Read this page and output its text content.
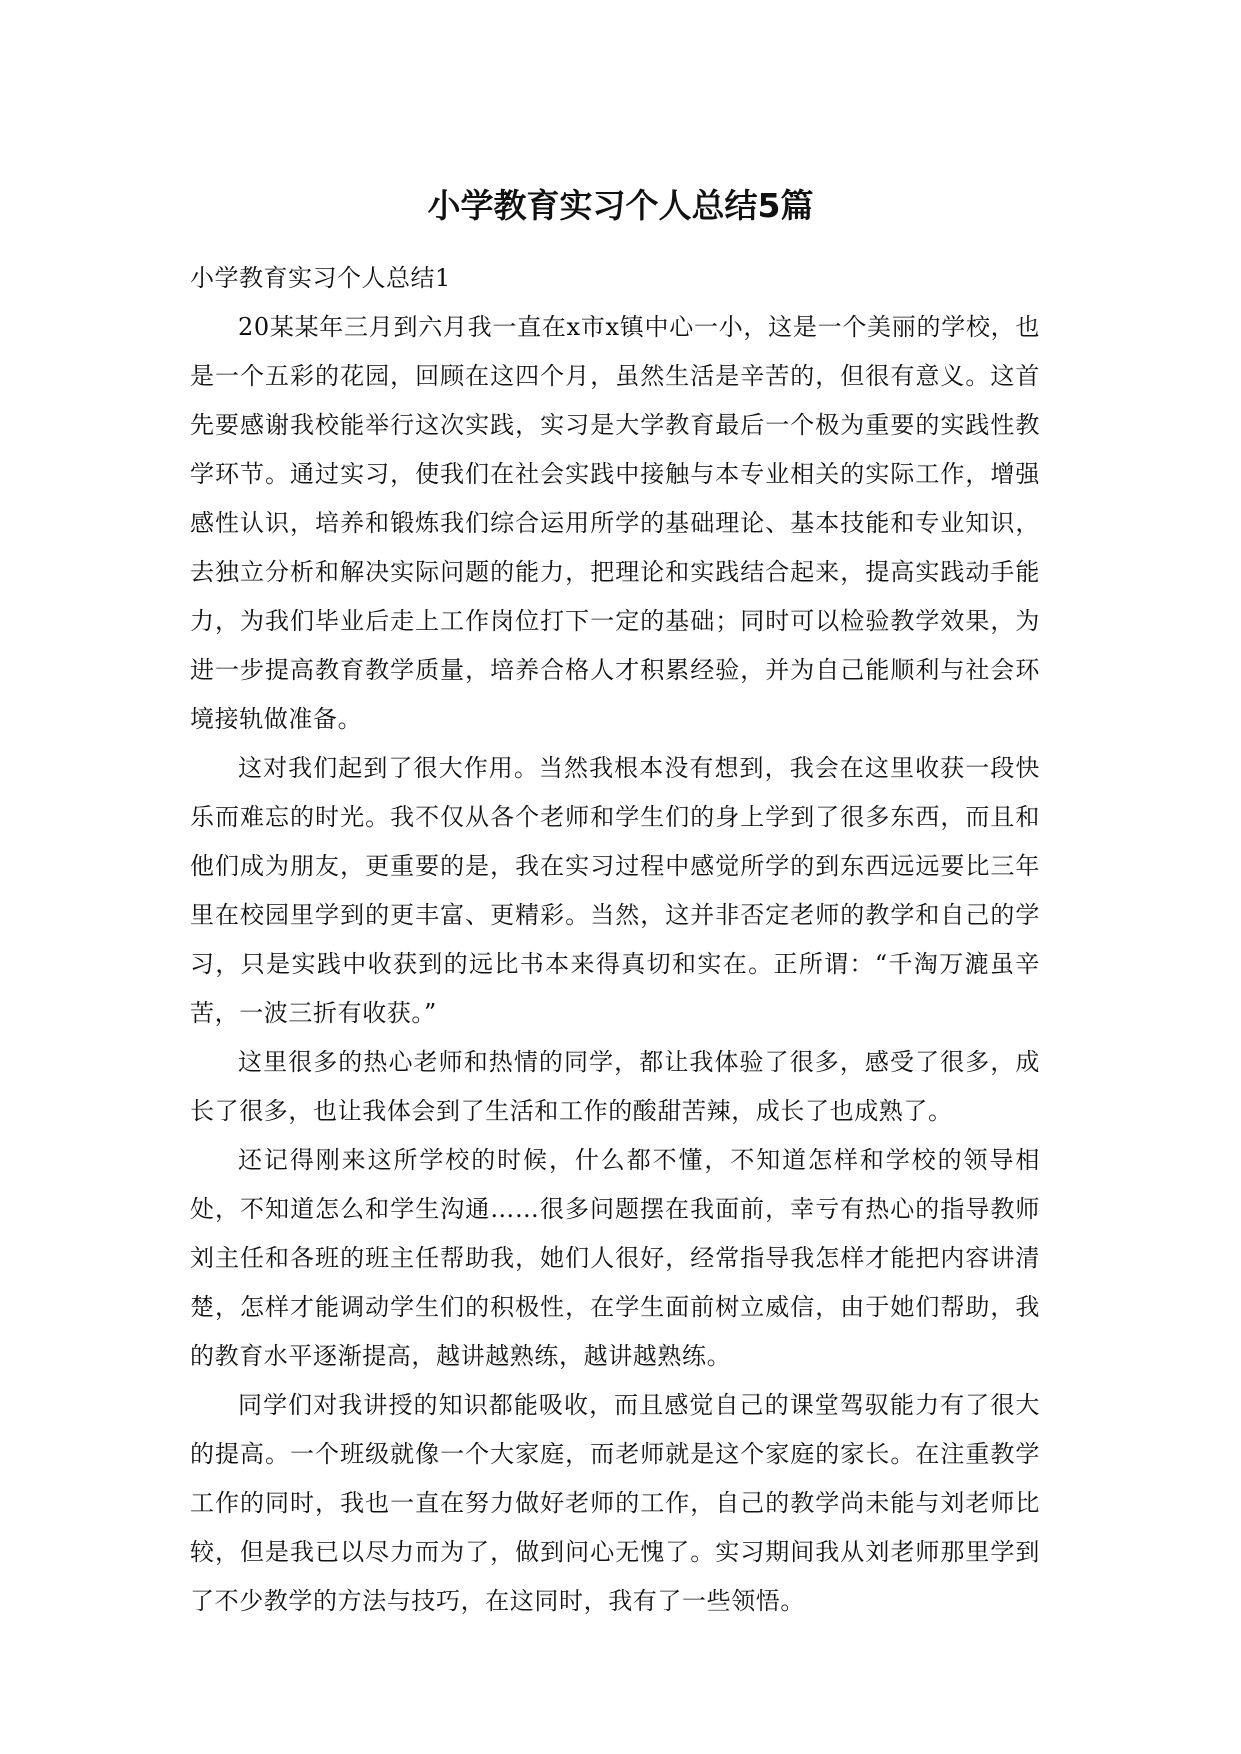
小学教育实习个人总结5篇

小学教育实习个人总结1

20某某年三月到六月我一直在x市x镇中心一小，这是一个美丽的学校，也是一个五彩的花园，回顾在这四个月，虽然生活是辛苦的，但很有意义。这首先要感谢我校能举行这次实践，实习是大学教育最后一个极为重要的实践性教学环节。通过实习，使我们在社会实践中接触与本专业相关的实际工作，增强感性认识，培养和锻炼我们综合运用所学的基础理论、基本技能和专业知识，去独立分析和解决实际问题的能力，把理论和实践结合起来，提高实践动手能力，为我们毕业后走上工作岗位打下一定的基础；同时可以检验教学效果，为进一步提高教育教学质量，培养合格人才积累经验，并为自己能顺利与社会环境接轨做准备。

这对我们起到了很大作用。当然我根本没有想到，我会在这里收获一段快乐而难忘的时光。我不仅从各个老师和学生们的身上学到了很多东西，而且和他们成为朋友，更重要的是，我在实习过程中感觉所学的到东西远远要比三年里在校园里学到的更丰富、更精彩。当然，这并非否定老师的教学和自己的学习，只是实践中收获到的远比书本来得真切和实在。正所谓：“千淘万漉虽辛苦，一波三折有收获。”

这里很多的热心老师和热情的同学，都让我体验了很多，感受了很多，成长了很多，也让我体会到了生活和工作的酸甜苦辣，成长了也成熟了。

还记得刚来这所学校的时候，什么都不懂，不知道怎样和学校的领导相处，不知道怎么和学生沟通……很多问题摆在我面前，幸亏有热心的指导教师刘主任和各班的班主任帮助我，她们人很好，经常指导我怎样才能把内容讲清楚，怎样才能调动学生们的积极性，在学生面前树立威信，由于她们帮助，我的教育水平逐渐提高，越讲越熟练，越讲越熟练。

同学们对我讲授的知识都能吸收，而且感觉自己的课堂驾驭能力有了很大的提高。一个班级就像一个大家庭，而老师就是这个家庭的家长。在注重教学工作的同时，我也一直在努力做好老师的工作，自己的教学尚未能与刘老师比较，但是我已以尽力而为了，做到问心无愧了。实习期间我从刘老师那里学到了不少教学的方法与技巧，在这同时，我有了一些领悟。
